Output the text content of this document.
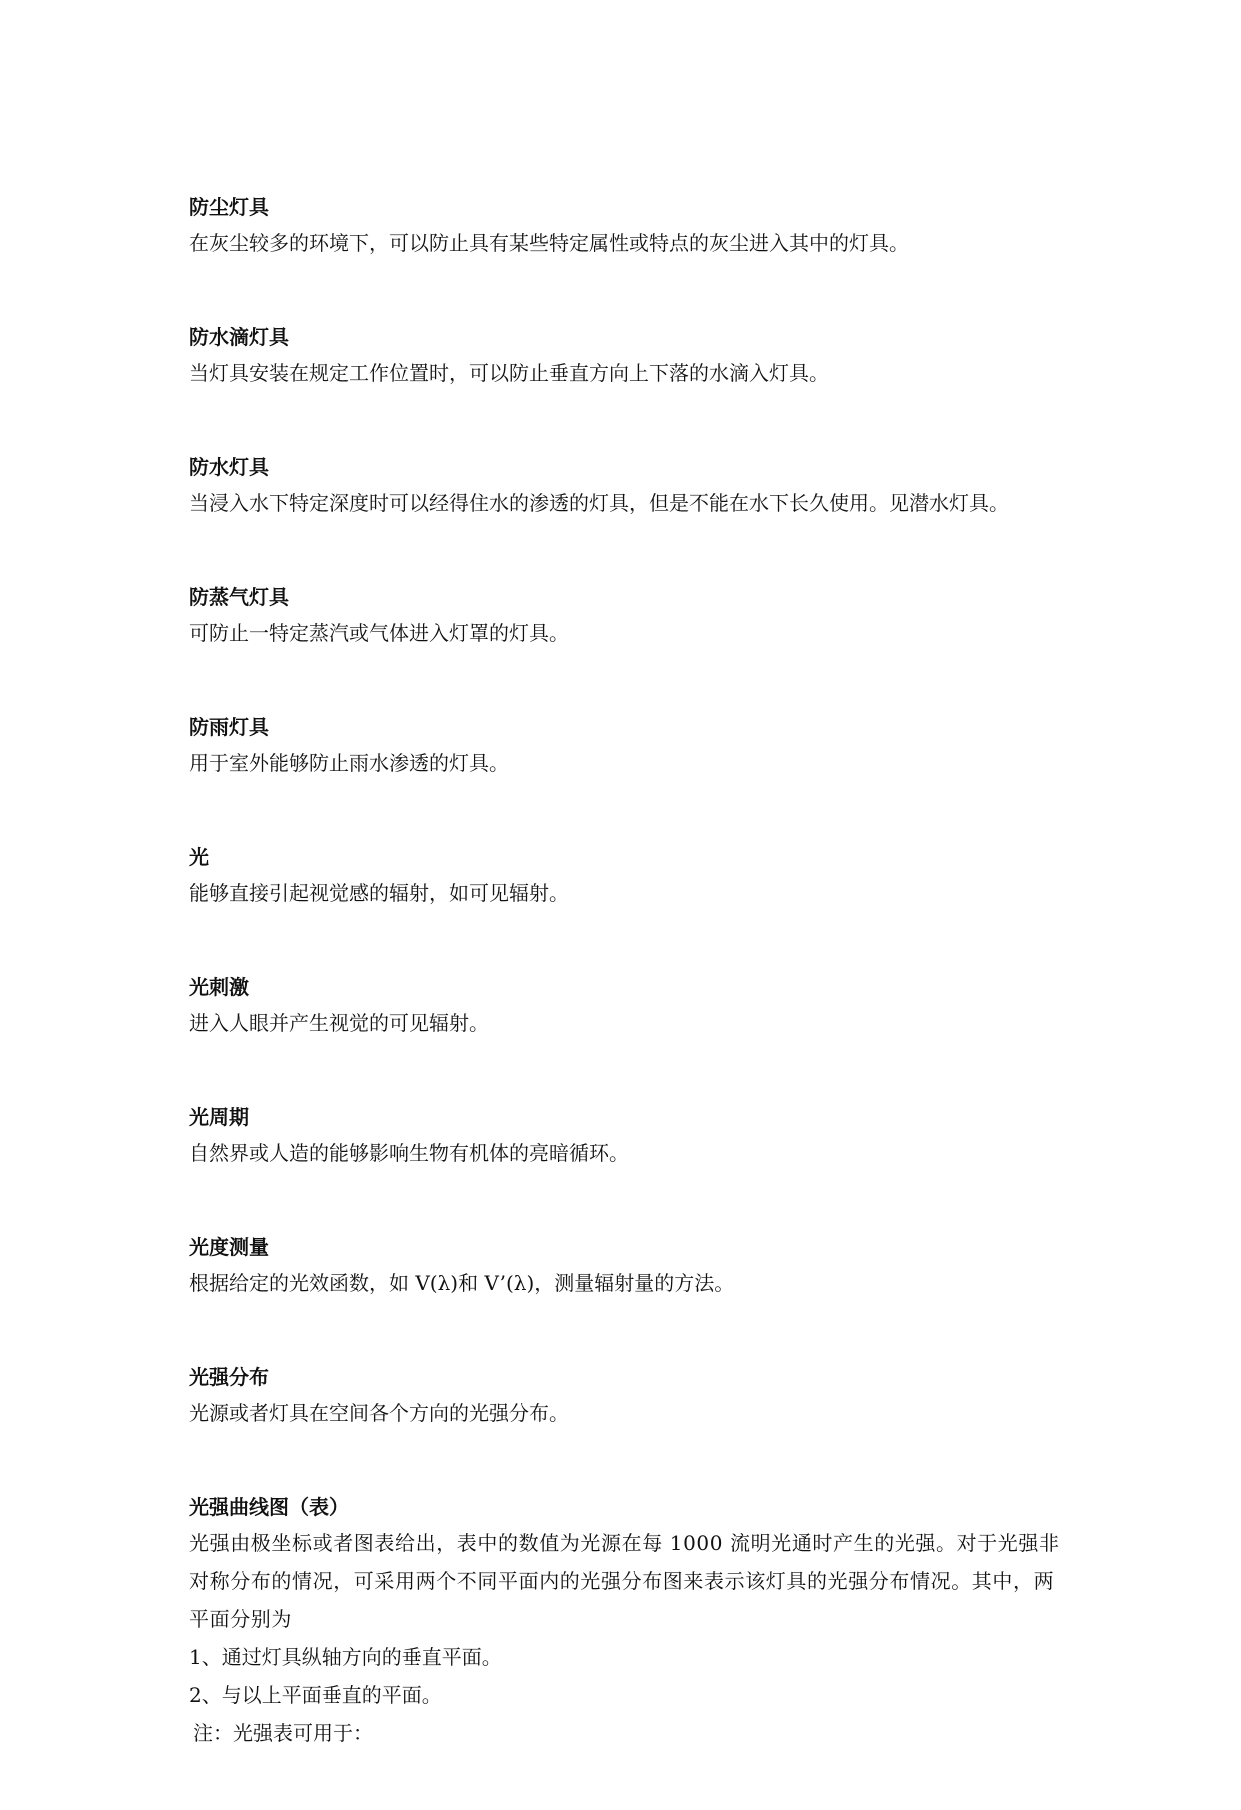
防尘灯具
在灰尘较多的环境下，可以防止具有某些特定属性或特点的灰尘进入其中的灯具。
防水滴灯具
当灯具安装在规定工作位置时，可以防止垂直方向上下落的水滴入灯具。
防水灯具
当浸入水下特定深度时可以经得住水的渗透的灯具，但是不能在水下长久使用。见潜水灯具。
防蒸气灯具
可防止一特定蒸汽或气体进入灯罩的灯具。
防雨灯具
用于室外能够防止雨水渗透的灯具。
光
能够直接引起视觉感的辐射，如可见辐射。
光刺激
进入人眼并产生视觉的可见辐射。
光周期
自然界或人造的能够影响生物有机体的亮暗循环。
光度测量
根据给定的光效函数，如 V(λ)和 V’(λ)，测量辐射量的方法。
光强分布
光源或者灯具在空间各个方向的光强分布。
光强曲线图（表）
光强由极坐标或者图表给出，表中的数值为光源在每 1000 流明光通时产生的光强。对于光强非对称分布的情况，可采用两个不同平面内的光强分布图来表示该灯具的光强分布情况。其中，两平面分别为
1、通过灯具纵轴方向的垂直平面。
2、与以上平面垂直的平面。
注：光强表可用于：
